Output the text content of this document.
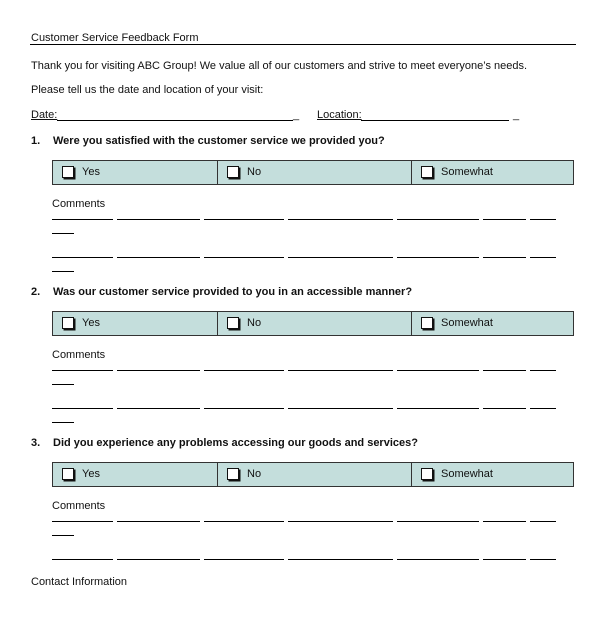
Customer Service Feedback Form
Thank you for visiting ABC Group! We value all of our customers and strive to meet everyone’s needs.
Please tell us the date and location of your visit:
Date:	_ Location:	_
1. Were you satisfied with the customer service we provided you?
Yes	No	Somewhat
Comments
2. Was our customer service provided to you in an accessible manner?
Yes	No	Somewhat
Comments
3. Did you experience any problems accessing our goods and services?
Yes	No	Somewhat
Comments
Contact Information
